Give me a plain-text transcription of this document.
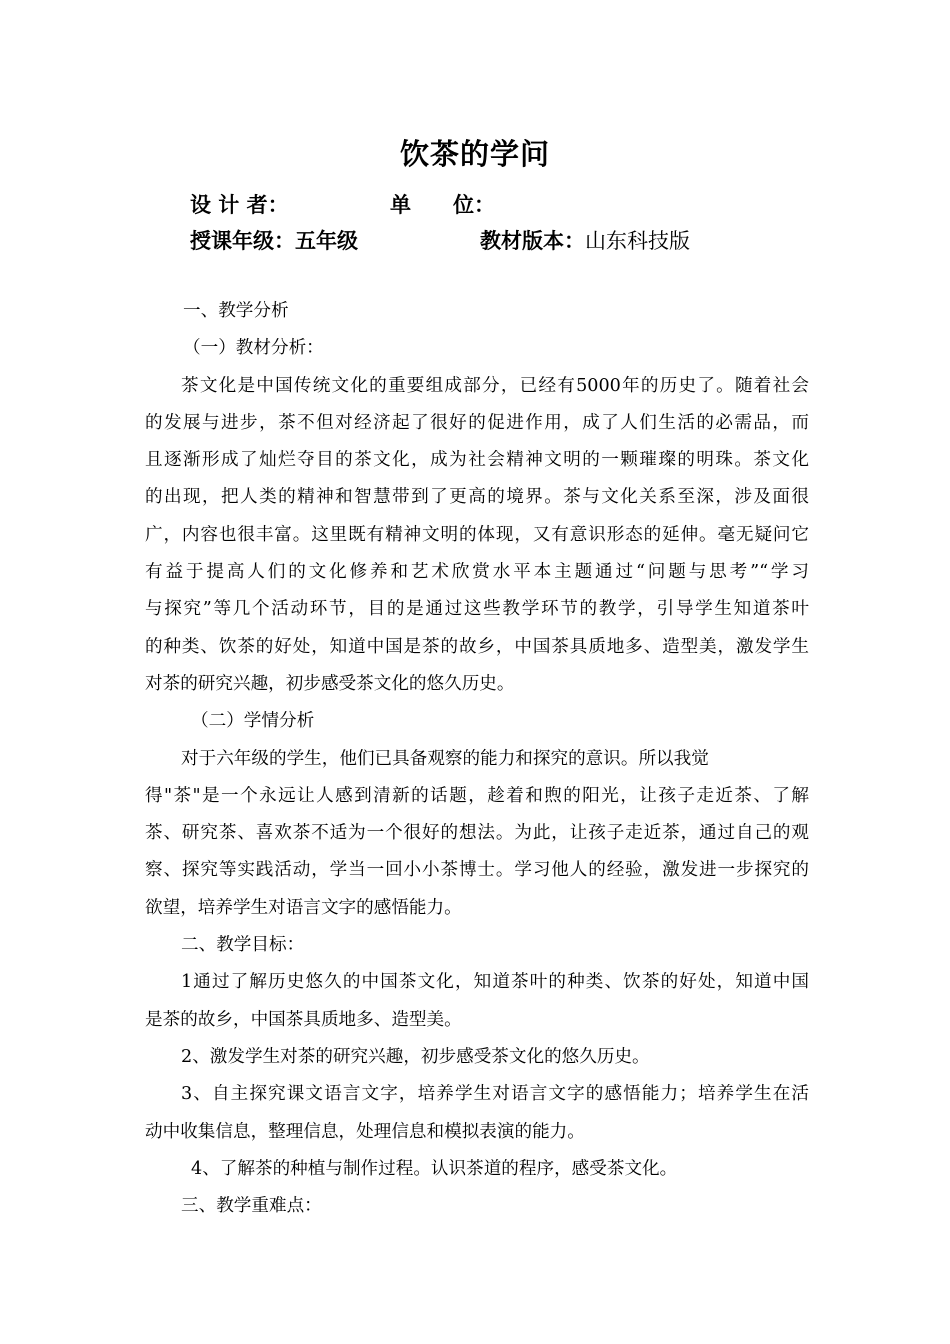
饮茶的学问
设 计 者：	单　　位：
授课年级：五年级	教材版本：山东科技版

一、教学分析

（一）教材分析：

茶文化是中国传统文化的重要组成部分，已经有5000年的历史了。随着社会

的发展与进步，茶不但对经济起了很好的促进作用，成了人们生活的必需品，而

且逐渐形成了灿烂夺目的茶文化，成为社会精神文明的一颗璀璨的明珠。茶文化

的出现，把人类的精神和智慧带到了更高的境界。茶与文化关系至深，涉及面很

广，内容也很丰富。这里既有精神文明的体现，又有意识形态的延伸。毫无疑问它

有益于提高人们的文化修养和艺术欣赏水平本主题通过“问题与思考”“学习

与探究”等几个活动环节，目的是通过这些教学环节的教学，引导学生知道茶叶

的种类、饮茶的好处，知道中国是茶的故乡，中国茶具质地多、造型美，激发学生

对茶的研究兴趣，初步感受茶文化的悠久历史。

（二）学情分析

对于六年级的学生，他们已具备观察的能力和探究的意识。所以我觉

得"茶"是一个永远让人感到清新的话题，趁着和煦的阳光，让孩子走近茶、了解

茶、研究茶、喜欢茶不适为一个很好的想法。为此，让孩子走近茶，通过自己的观

察、探究等实践活动，学当一回小小茶博士。学习他人的经验，激发进一步探究的

欲望，培养学生对语言文字的感悟能力。

二、教学目标：

1通过了解历史悠久的中国茶文化，知道茶叶的种类、饮茶的好处，知道中国

是茶的故乡，中国茶具质地多、造型美。

2、激发学生对茶的研究兴趣，初步感受茶文化的悠久历史。

3、自主探究课文语言文字，培养学生对语言文字的感悟能力；培养学生在活

动中收集信息，整理信息，处理信息和模拟表演的能力。

4、了解茶的种植与制作过程。认识茶道的程序，感受茶文化。

三、教学重难点：
